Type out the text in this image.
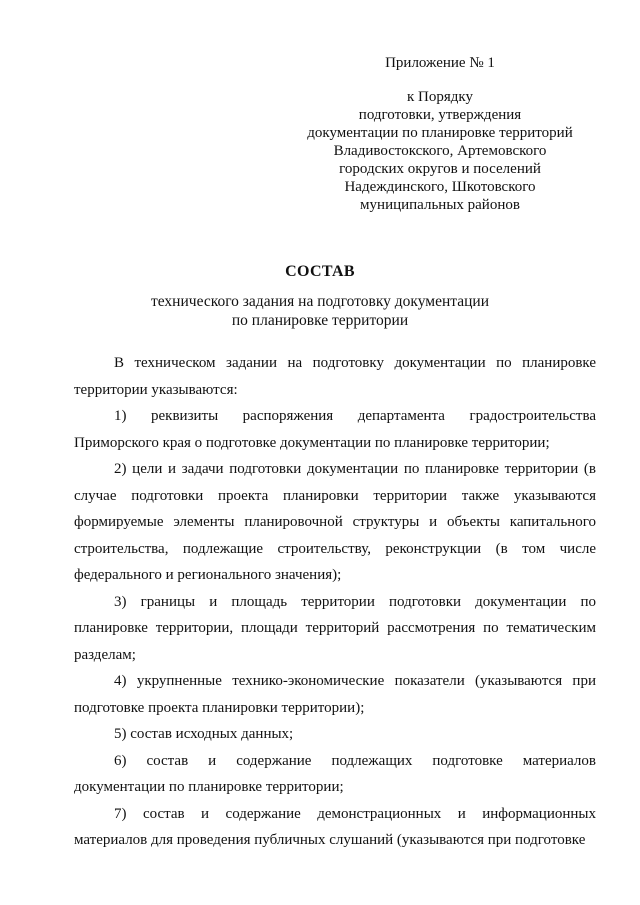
Приложение № 1
к Порядку
подготовки, утверждения
документации по планировке территорий
Владивостокского, Артемовского
городских округов и поселений
Надеждинского, Шкотовского
муниципальных районов
СОСТАВ
технического задания на подготовку документации
по планировке территории

В техническом задании на подготовку документации по планировке
территории указываются:

1) реквизиты распоряжения департамента градостроительства
Приморского края о подготовке документации по планировке территории;

2) цели и задачи подготовки документации по планировке территории (в
случае подготовки проекта планировки территории также указываются
формируемые элементы планировочной структуры и объекты капитального
строительства, подлежащие строительству, реконструкции (в том числе
федерального и регионального значения);

3) границы и площадь территории подготовки документации по
планировке территории, площади территорий рассмотрения по тематическим
разделам;

4) укрупненные технико-экономические показатели (указываются при
подготовке проекта планировки территории);

5) состав исходных данных;

6) состав и содержание подлежащих подготовке материалов
документации по планировке территории;

7) состав и содержание демонстрационных и информационных
материалов для проведения публичных слушаний (указываются при подготовке
